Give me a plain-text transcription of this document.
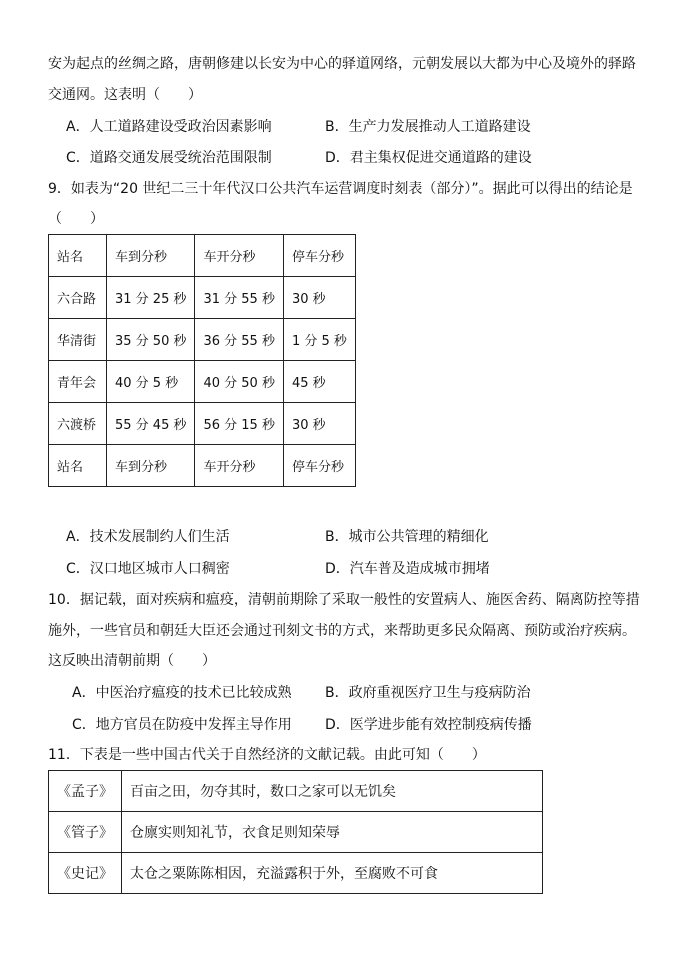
安为起点的丝绸之路，唐朝修建以长安为中心的驿道网络，元朝发展以大都为中心及境外的驿路
交通网。这表明（　　）
A．人工道路建设受政治因素影响	B．生产力发展推动人工道路建设
C．道路交通发展受统治范围限制	D．君主集权促进交通道路的建设
9．如表为“20 世纪二三十年代汉口公共汽车运营调度时刻表（部分）”。据此可以得出的结论是
（　　）
站名	车到分秒	车开分秒	停车分秒
六合路	31 分 25 秒	31 分 55 秒	30 秒
华清街	35 分 50 秒	36 分 55 秒	1 分 5 秒
青年会	40 分 5 秒	40 分 50 秒	45 秒
六渡桥	55 分 45 秒	56 分 15 秒	30 秒
站名	车到分秒	车开分秒	停车分秒
A．技术发展制约人们生活	B．城市公共管理的精细化
C．汉口地区城市人口稠密	D．汽车普及造成城市拥堵
10．据记载，面对疾病和瘟疫，清朝前期除了采取一般性的安置病人、施医舍药、隔离防控等措
施外，一些官员和朝廷大臣还会通过刊刻文书的方式，来帮助更多民众隔离、预防或治疗疾病。
这反映出清朝前期（　　）
A．中医治疗瘟疫的技术已比较成熟 B．政府重视医疗卫生与疫病防治
C．地方官员在防疫中发挥主导作用 D．医学进步能有效控制疫病传播
11．下表是一些中国古代关于自然经济的文献记载。由此可知（　　）
《孟子》	百亩之田，勿夺其时，数口之家可以无饥矣
《管子》	仓廪实则知礼节，衣食足则知荣辱
《史记》	太仓之粟陈陈相因，充溢露积于外，至腐败不可食
